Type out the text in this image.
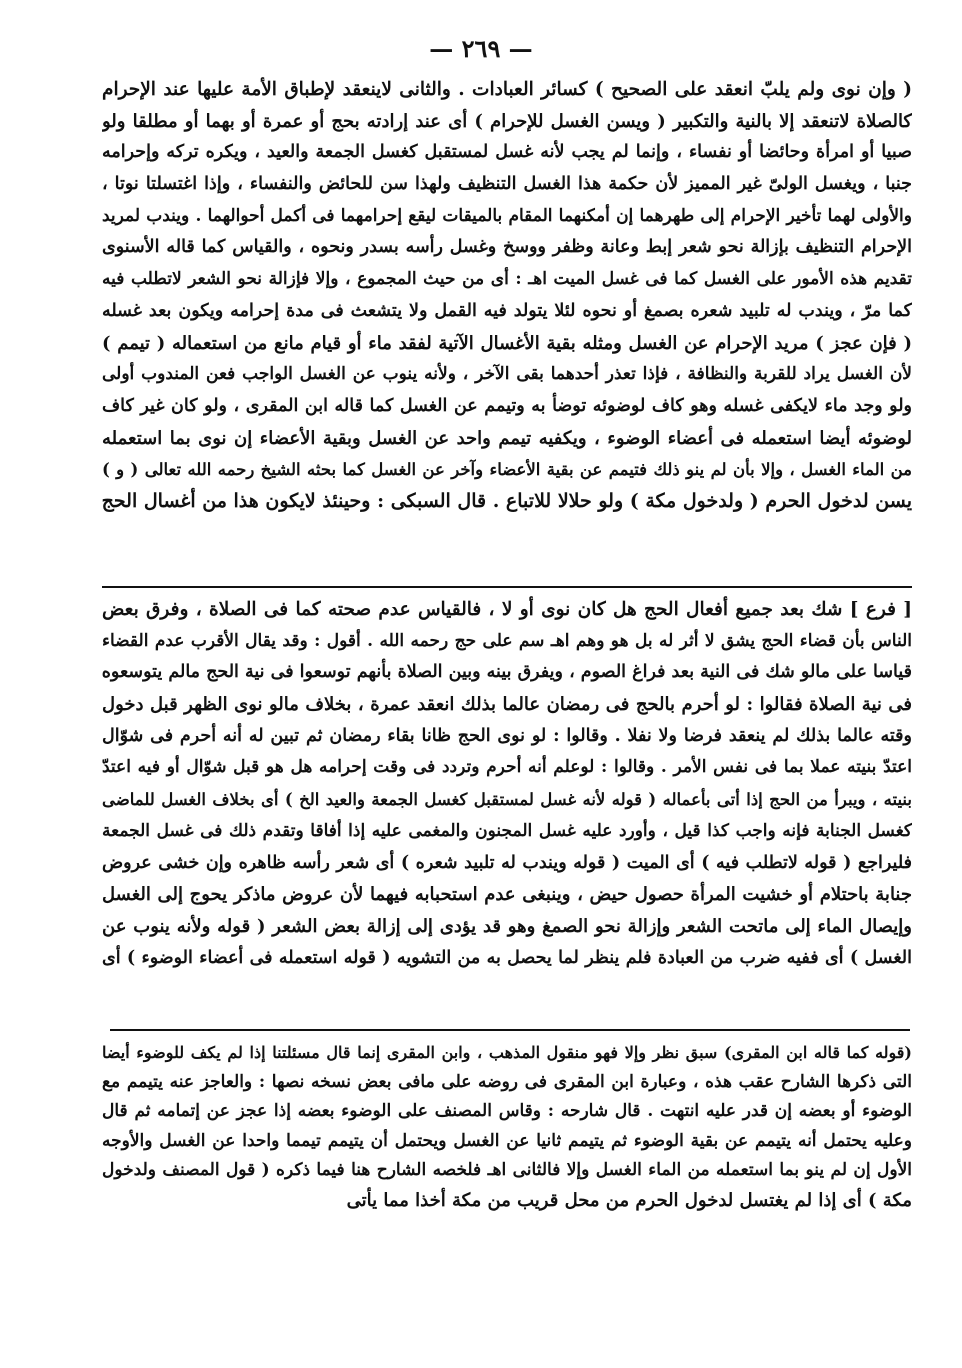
— ٢٦٩ —
( وإن نوى ولم يلبّ انعقد على الصحيح ) كسائر العبادات . والثانى لاينعقد لإطباق الأمة عليها عند الإحرام
كالصلاة لاتنعقد إلا بالنية والتكبير ( ويسن الغسل للإحرام ) أى عند إرادته بحج أو عمرة أو بهما أو مطلقا ولو
صبيا أو امرأة وحائضا أو نفساء ، وإنما لم يجب لأنه غسل لمستقبل كغسل الجمعة والعيد ، ويكره تركه وإحرامه
جنبا ، ويغسل الولىّ غير المميز لأن حكمة هذا الغسل التنظيف ولهذا سن للحائض والنفساء ، وإذا اغتسلتا نوتا ،
والأولى لهما تأخير الإحرام إلى طهرهما إن أمكنهما المقام بالميقات ليقع إحرامهما فى أكمل أحوالهما . ويندب لمريد
الإحرام التنظيف بإزالة نحو شعر إبط وعانة وظفر ووسخ وغسل رأسه بسدر ونحوه ، والقياس كما قاله الأسنوى
تقديم هذه الأمور على الغسل كما فى غسل الميت اهـ : أى من حيث المجموع ، وإلا فإزالة نحو الشعر لاتطلب فيه
كما مرّ ، ويندب له تلبيد شعره بصمغ أو نحوه لئلا يتولد فيه القمل ولا يتشعث فى مدة إحرامه ويكون بعد غسله
( فإن عجز ) مريد الإحرام عن الغسل ومثله بقية الأغسال الآتية لفقد ماء أو قيام مانع من استعماله ( تيمم )
لأن الغسل يراد للقربة والنظافة ، فإذا تعذر أحدهما بقى الآخر ، ولأنه ينوب عن الغسل الواجب فعن المندوب أولى
ولو وجد ماء لايكفى غسله وهو كاف لوضوئه توضأ به وتيمم عن الغسل كما قاله ابن المقرى ، ولو كان غير كاف
لوضوئه أيضا استعمله فى أعضاء الوضوء ، ويكفيه تيمم واحد عن الغسل وبقية الأعضاء إن نوى بما استعمله
من الماء الغسل ، وإلا بأن لم ينو ذلك فتيمم عن بقية الأعضاء وآخر عن الغسل كما بحثه الشيخ رحمه الله تعالى ( و )
يسن لدخول الحرم ( ولدخول مكة ) ولو حلالا للاتباع . قال السبكى : وحينئذ لايكون هذا من أغسال الحج
[ فرع ] شك بعد جميع أفعال الحج هل كان نوى أو لا ، فالقياس عدم صحته كما فى الصلاة ، وفرق بعض
الناس بأن قضاء الحج يشق لا أثر له بل هو وهم اهـ سم على حج رحمه الله . أقول : وقد يقال الأقرب عدم القضاء
قياسا على مالو شك فى النية بعد فراغ الصوم ، ويفرق بينه وبين الصلاة بأنهم توسعوا فى نية الحج مالم يتوسعوه
فى نية الصلاة فقالوا : لو أحرم بالحج فى رمضان عالما بذلك انعقد عمرة ، بخلاف مالو نوى الظهر قبل دخول
وقته عالما بذلك لم ينعقد فرضا ولا نفلا . وقالوا : لو نوى الحج ظانا بقاء رمضان ثم تبين له أنه أحرم فى شوّال
اعتدّ بنيته عملا بما فى نفس الأمر . وقالوا : لوعلم أنه أحرم وتردد فى وقت إحرامه هل هو قبل شوّال أو فيه اعتدّ
بنيته ، ويبرأ من الحج إذا أتى بأعماله ( قوله لأنه غسل لمستقبل كغسل الجمعة والعيد الخ ) أى بخلاف الغسل للماضى
كغسل الجنابة فإنه واجب كذا قيل ، وأورد عليه غسل المجنون والمغمى عليه إذا أفاقا وتقدم ذلك فى غسل الجمعة
فليراجع ( قوله لاتطلب فيه ) أى الميت ( قوله ويندب له تلبيد شعره ) أى شعر رأسه ظاهره وإن خشى عروض
جنابة باحتلام أو خشيت المرأة حصول حيض ، وينبغى عدم استحبابه فيهما لأن عروض ماذكر يحوج إلى الغسل
وإيصال الماء إلى ماتحت الشعر وإزالة نحو الصمغ وهو قد يؤدى إلى إزالة بعض الشعر ( قوله ولأنه ينوب عن
الغسل ) أى ففيه ضرب من العبادة فلم ينظر لما يحصل به من التشويه ( قوله استعمله فى أعضاء الوضوء ) أى
(قوله كما قاله ابن المقرى) سبق نظر وإلا فهو منقول المذهب ، وابن المقرى إنما قال مسئلتنا إذا لم يكف للوضوء أيضا
التى ذكرها الشارح عقب هذه ، وعبارة ابن المقرى فى روضه على مافى بعض نسخه نصها : والعاجز عنه يتيمم مع
الوضوء أو بعضه إن قدر عليه انتهت . قال شارحه : وقاس المصنف على الوضوء بعضه إذا عجز عن إتمامه ثم قال
وعليه يحتمل أنه يتيمم عن بقية الوضوء ثم يتيمم ثانيا عن الغسل ويحتمل أن يتيمم تيمما واحدا عن الغسل والأوجه
الأول إن لم ينو بما استعمله من الماء الغسل وإلا فالثانى اهـ فلخصه الشارح هنا فيما ذكره ( قول المصنف ولدخول
مكة ) أى إذا لم يغتسل لدخول الحرم من محل قريب من مكة أخذا مما يأتى
